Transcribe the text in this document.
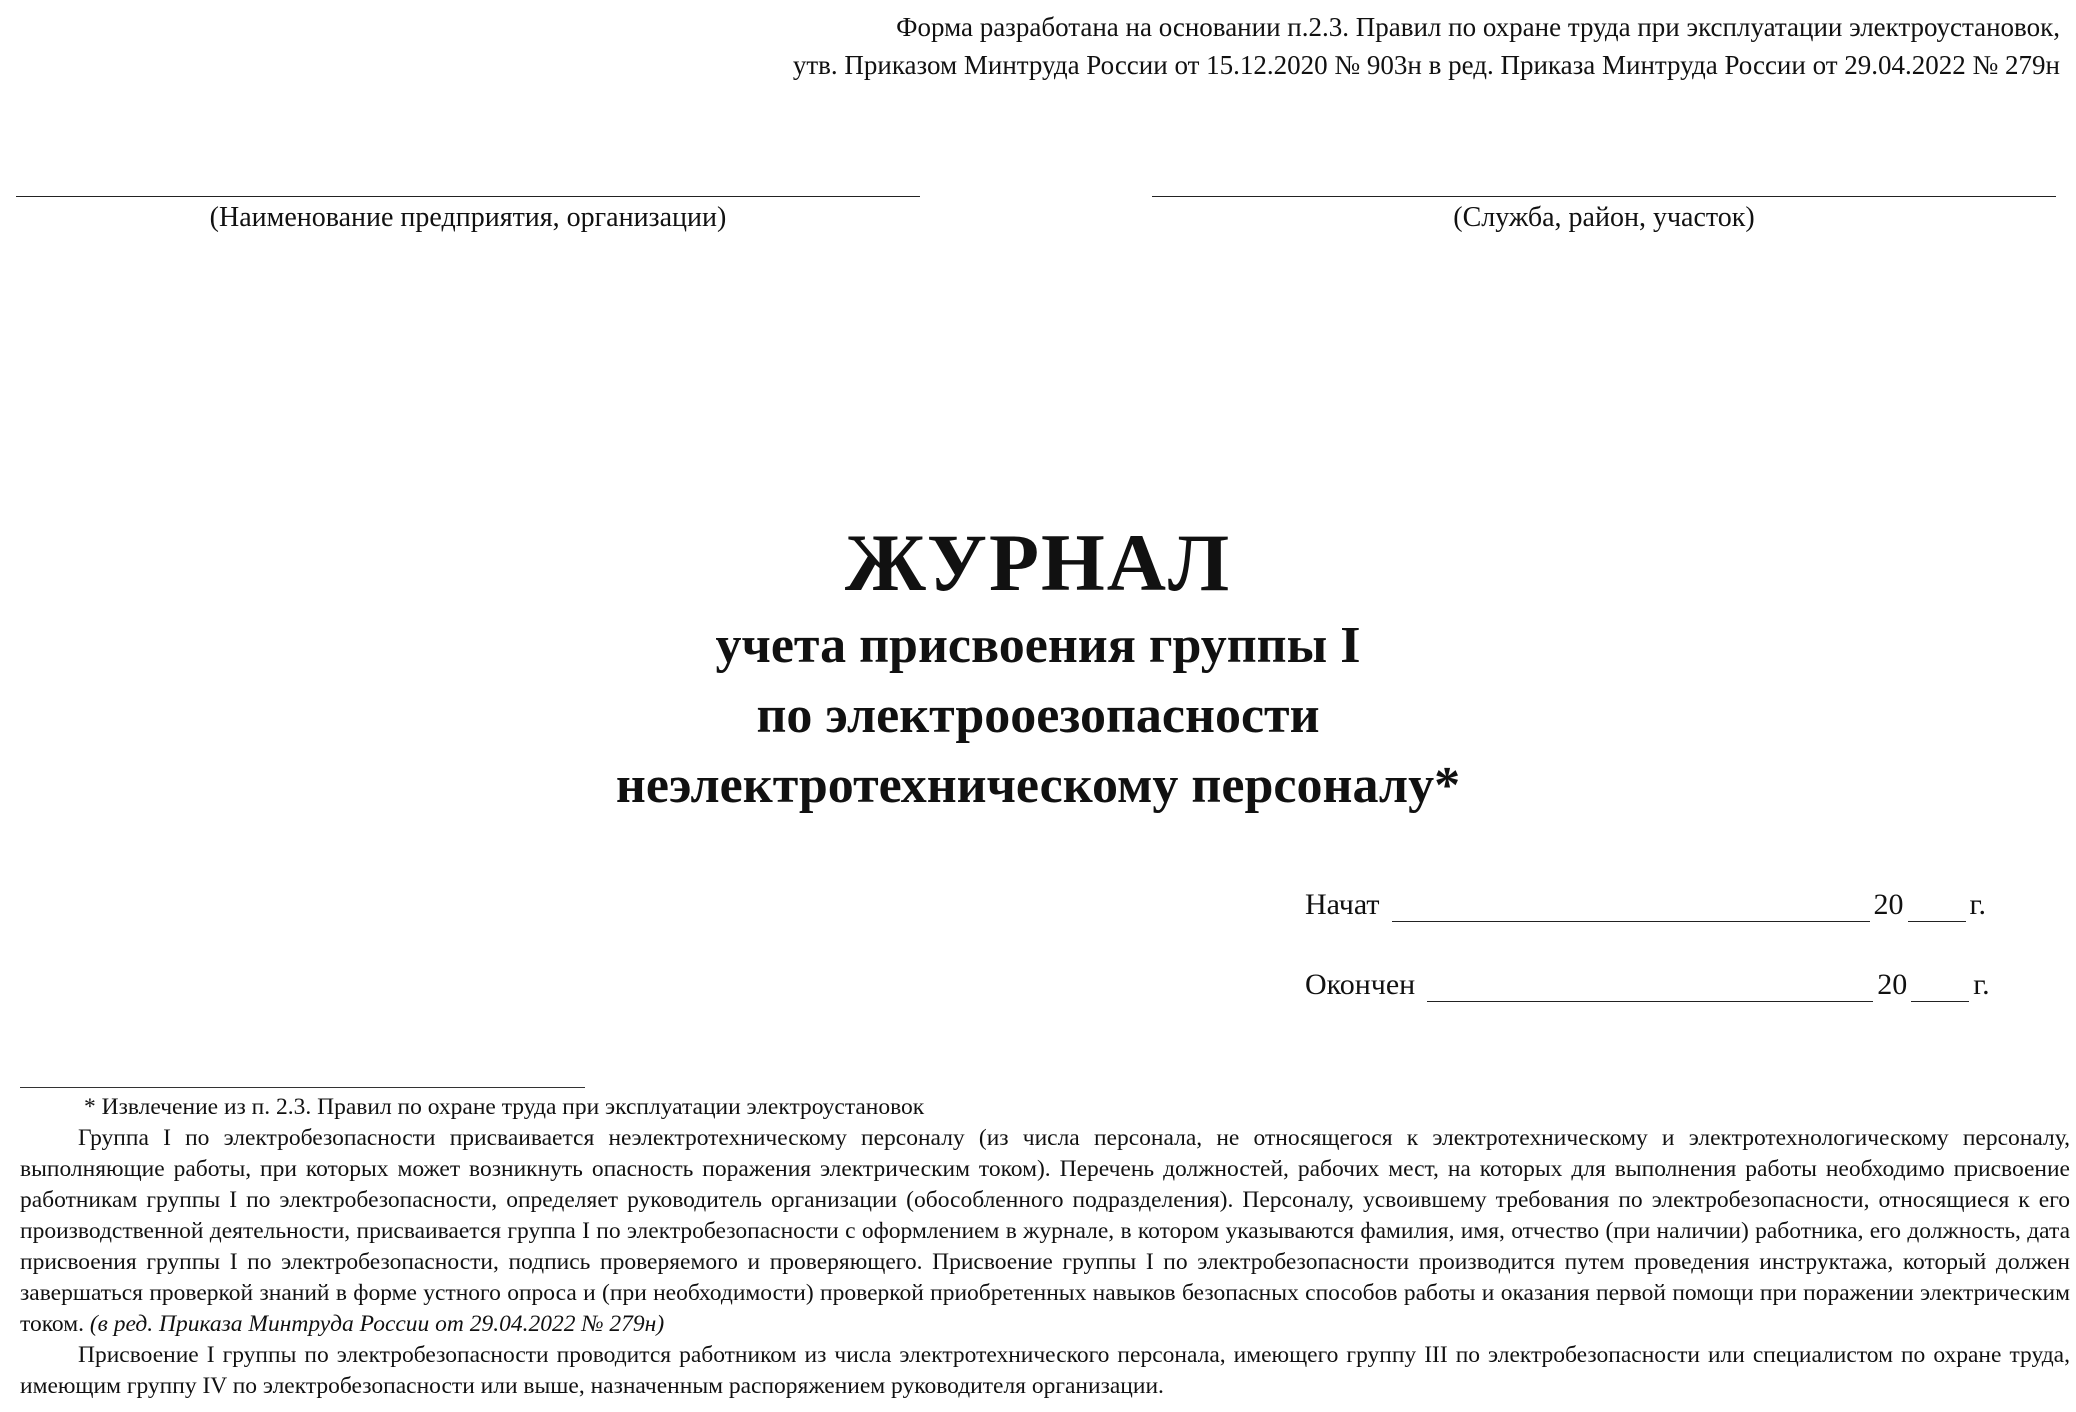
Форма разработана на основании п.2.3. Правил по охране труда при эксплуатации электроустановок,
утв. Приказом Минтруда России от 15.12.2020 № 903н в ред. Приказа Минтруда России от 29.04.2022 № 279н
(Наименование предприятия, организации)	(Служба, район, участок)
ЖУРНАЛ
учета присвоения группы I
по электрооезопасности
неэлектротехническому персоналу*
Начат	20 г.
Окончен	20 г.

* Извлечение из п. 2.3. Правил по охране труда при эксплуатации электроустановок

Группа I по электробезопасности присваивается неэлектротехническому персоналу (из числа персонала, не относящегося к электротехническому и электротехнологическому персоналу, выполняющие работы, при которых может возникнуть опасность поражения электрическим током). Перечень должностей, рабочих мест, на которых для выполнения работы необходимо присвоение работникам группы I по электробезопасности, определяет руководитель организации (обособленного подразделения). Персоналу, усвоившему требования по электробезопасности, относящиеся к его производственной деятельности, присваивается группа I по электробезопасности с оформлением в журнале, в котором указываются фамилия, имя, отчество (при наличии) работника, его должность, дата присвоения группы I по электробезопасности, подпись проверяемого и проверяющего. Присвоение группы I по электробезопасности производится путем проведения инструктажа, который должен завершаться проверкой знаний в форме устного опроса и (при необходимости) проверкой приобретенных навыков безопасных способов работы и оказания первой помощи при поражении электрическим током. (в ред. Приказа Минтруда России от 29.04.2022 № 279н)

Присвоение I группы по электробезопасности проводится работником из числа электротехнического персонала, имеющего группу III по электробезопасности или специалистом по охране труда, имеющим группу IV по электробезопасности или выше, назначенным распоряжением руководителя организации.
